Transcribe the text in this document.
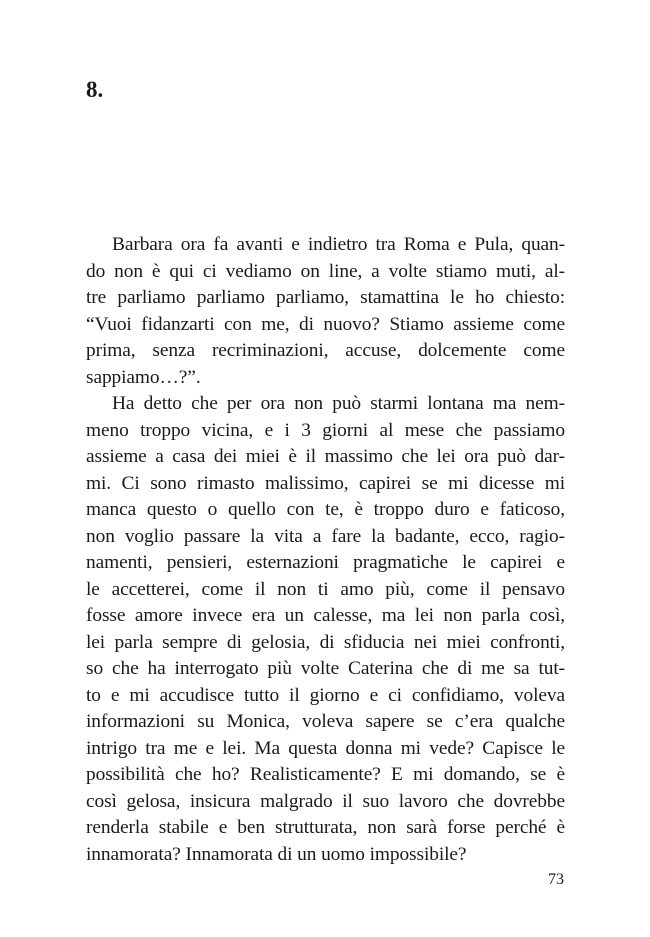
8.
Barbara ora fa avanti e indietro tra Roma e Pula, quan-
do non è qui ci vediamo on line, a volte stiamo muti, al-
tre parliamo parliamo parliamo, stamattina le ho chiesto:
“Vuoi fidanzarti con me, di nuovo? Stiamo assieme come
prima, senza recriminazioni, accuse, dolcemente come
sappiamo…?”.
Ha detto che per ora non può starmi lontana ma nem-
meno troppo vicina, e i 3 giorni al mese che passiamo
assieme a casa dei miei è il massimo che lei ora può dar-
mi. Ci sono rimasto malissimo, capirei se mi dicesse mi
manca questo o quello con te, è troppo duro e faticoso,
non voglio passare la vita a fare la badante, ecco, ragio-
namenti, pensieri, esternazioni pragmatiche le capirei e
le accetterei, come il non ti amo più, come il pensavo
fosse amore invece era un calesse, ma lei non parla così,
lei parla sempre di gelosia, di sfiducia nei miei confronti,
so che ha interrogato più volte Caterina che di me sa tut-
to e mi accudisce tutto il giorno e ci confidiamo, voleva
informazioni su Monica, voleva sapere se c’era qualche
intrigo tra me e lei. Ma questa donna mi vede? Capisce le
possibilità che ho? Realisticamente? E mi domando, se è
così gelosa, insicura malgrado il suo lavoro che dovrebbe
renderla stabile e ben strutturata, non sarà forse perché è
innamorata? Innamorata di un uomo impossibile?
73
